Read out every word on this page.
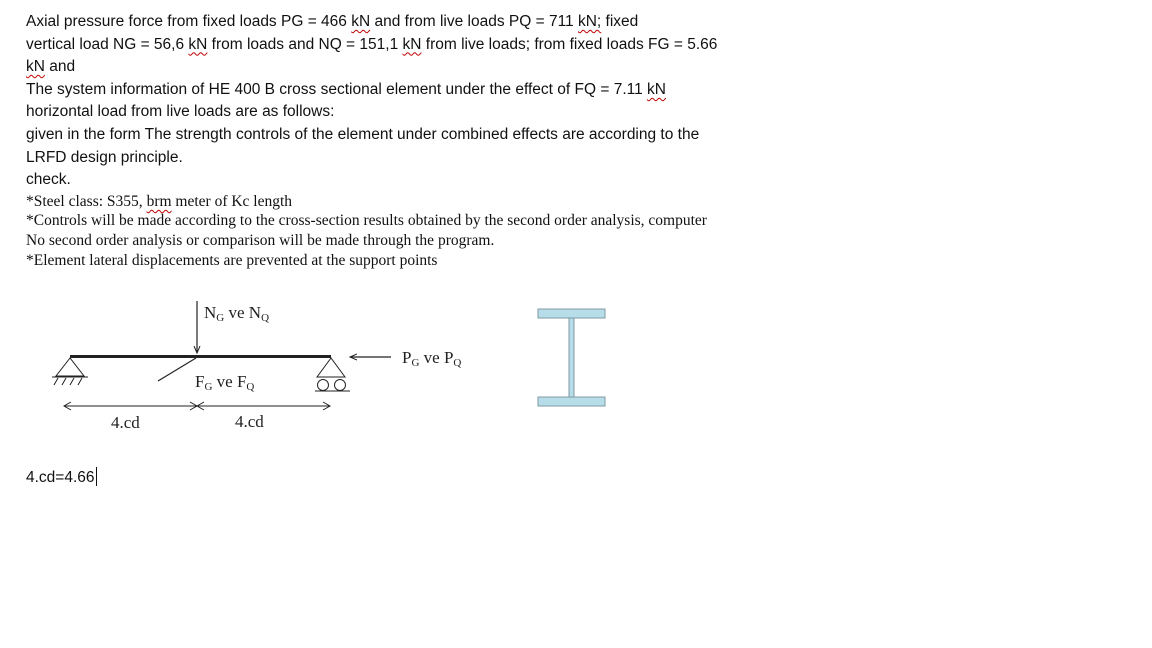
Axial pressure force from fixed loads PG = 466 kN and from live loads PQ = 711 kN; fixed
vertical load NG = 56,6 kN from loads and NQ = 151,1 kN from live loads; from fixed loads FG = 5.66
kN and
The system information of HE 400 B cross sectional element under the effect of FQ = 7.11 kN
horizontal load from live loads are as follows:
given in the form The strength controls of the element under combined effects are according to the
LRFD design principle.
check.
*Steel class: S355, brm meter of Kc length
*Controls will be made according to the cross-section results obtained by the second order analysis, computer
No second order analysis or comparison will be made through the program.
*Element lateral displacements are prevented at the support points
NG ve NQ
FG ve FQ
PG ve PQ
4.cd	4.cd
4.cd=4.66
